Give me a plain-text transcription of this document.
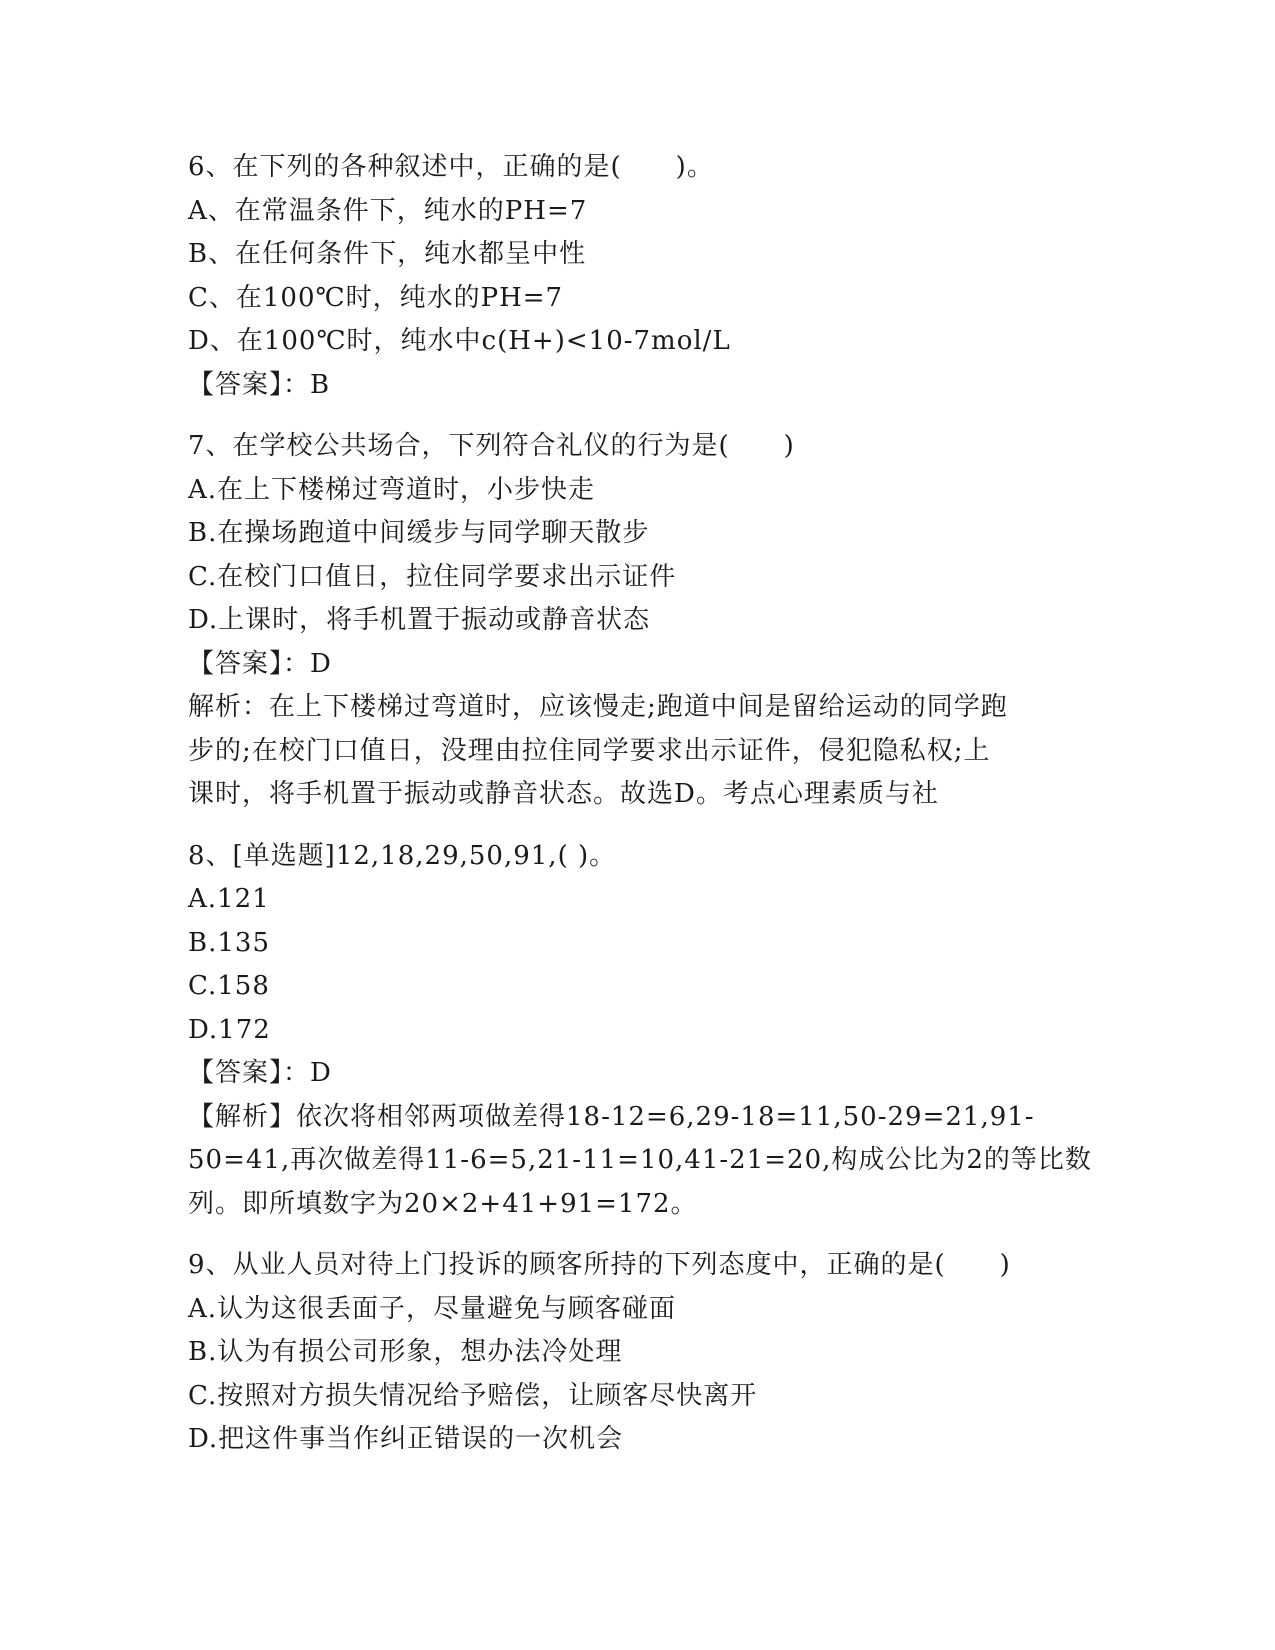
6、在下列的各种叙述中，正确的是(　　)。
A、在常温条件下，纯水的PH=7
B、在任何条件下，纯水都呈中性
C、在100℃时，纯水的PH=7
D、在100℃时，纯水中c(H+)<10-7mol/L
【答案】：B
7、在学校公共场合，下列符合礼仪的行为是(　　)
A.在上下楼梯过弯道时，小步快走
B.在操场跑道中间缓步与同学聊天散步
C.在校门口值日，拉住同学要求出示证件
D.上课时，将手机置于振动或静音状态
【答案】：D
解析：在上下楼梯过弯道时，应该慢走;跑道中间是留给运动的同学跑
步的;在校门口值日，没理由拉住同学要求出示证件，侵犯隐私权;上
课时，将手机置于振动或静音状态。故选D。考点心理素质与社
8、[单选题]12,18,29,50,91,( )。
A.121
B.135
C.158
D.172
【答案】：D
【解析】依次将相邻两项做差得18-12=6,29-18=11,50-29=21,91-
50=41,再次做差得11-6=5,21-11=10,41-21=20,构成公比为2的等比数
列。即所填数字为20×2+41+91=172。
9、从业人员对待上门投诉的顾客所持的下列态度中，正确的是(　　)
A.认为这很丢面子，尽量避免与顾客碰面
B.认为有损公司形象，想办法冷处理
C.按照对方损失情况给予赔偿，让顾客尽快离开
D.把这件事当作纠正错误的一次机会
